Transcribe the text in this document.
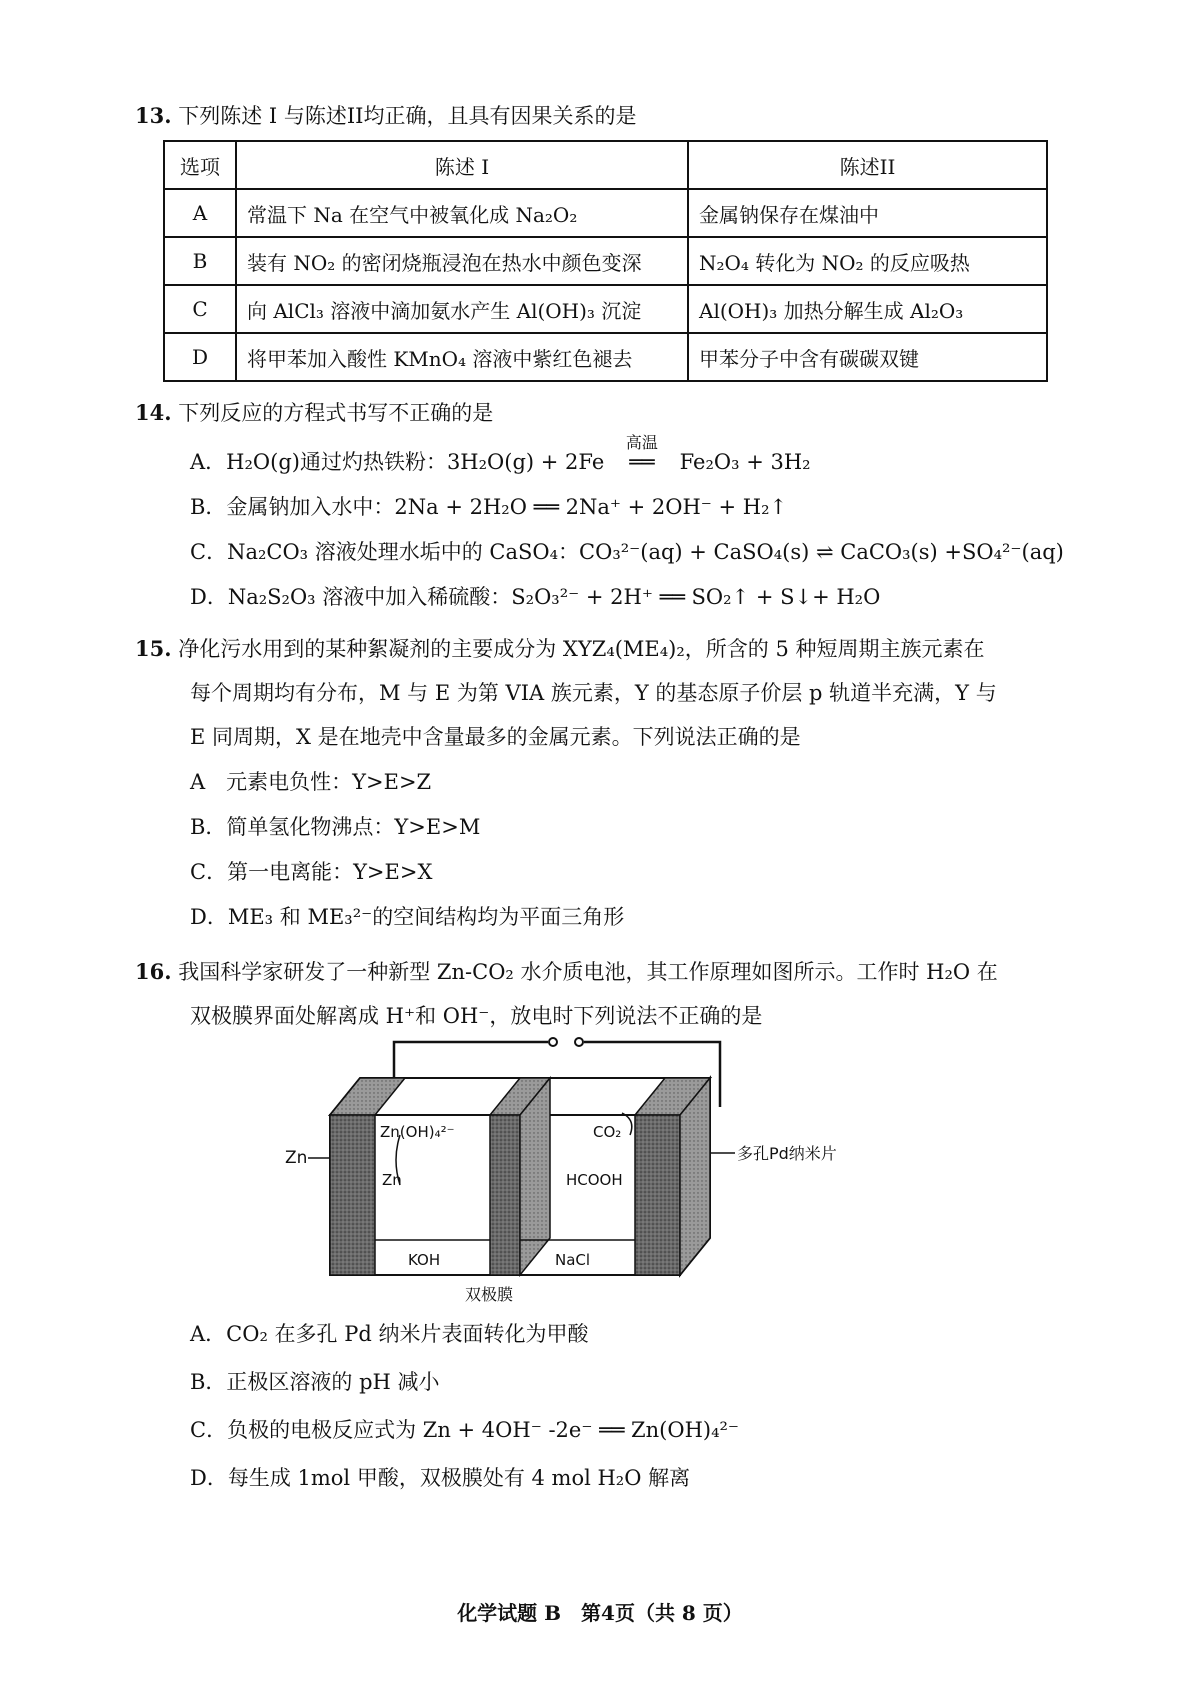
13. 下列陈述 I 与陈述II均正确，且具有因果关系的是
选项	陈述 I	陈述II
A	常温下 Na 在空气中被氧化成 Na₂O₂	金属钠保存在煤油中
B	装有 NO₂ 的密闭烧瓶浸泡在热水中颜色变深	N₂O₄ 转化为 NO₂ 的反应吸热
C	向 AlCl₃ 溶液中滴加氨水产生 Al(OH)₃ 沉淀	Al(OH)₃ 加热分解生成 Al₂O₃
D	将甲苯加入酸性 KMnO₄ 溶液中紫红色褪去	甲苯分子中含有碳碳双键
14. 下列反应的方程式书写不正确的是
A．H₂O(g)通过灼热铁粉：3H₂O(g) + 2Fe
高温
══ Fe₂O₃ + 3H₂
B．金属钠加入水中：2Na + 2H₂O ══ 2Na⁺ + 2OH⁻ + H₂↑
C．Na₂CO₃ 溶液处理水垢中的 CaSO₄：CO₃²⁻(aq) + CaSO₄(s) ⇌ CaCO₃(s) +SO₄²⁻(aq)
D．Na₂S₂O₃ 溶液中加入稀硫酸：S₂O₃²⁻ + 2H⁺ ══ SO₂↑ + S↓+ H₂O
15. 净化污水用到的某种絮凝剂的主要成分为 XYZ₄(ME₄)₂，所含的 5 种短周期主族元素在
每个周期均有分布，M 与 E 为第 VIA 族元素，Y 的基态原子价层 p 轨道半充满，Y 与
E 同周期，X 是在地壳中含量最多的金属元素。下列说法正确的是
A　元素电负性：Y>E>Z
B．简单氢化物沸点：Y>E>M
C．第一电离能：Y>E>X
D．ME₃ 和 ME₃²⁻的空间结构均为平面三角形
16. 我国科学家研发了一种新型 Zn-CO₂ 水介质电池，其工作原理如图所示。工作时 H₂O 在
双极膜界面处解离成 H⁺和 OH⁻，放电时下列说法不正确的是
Zn
Zn(OH)₄²⁻
Zn
CO₂
HCOOH
KOH	NaCl
多孔Pd纳米片
双极膜
A．CO₂ 在多孔 Pd 纳米片表面转化为甲酸
B．正极区溶液的 pH 减小
C．负极的电极反应式为 Zn + 4OH⁻ -2e⁻ ══ Zn(OH)₄²⁻
D．每生成 1mol 甲酸，双极膜处有 4 mol H₂O 解离
化学试题 B　第4页（共 8 页）
